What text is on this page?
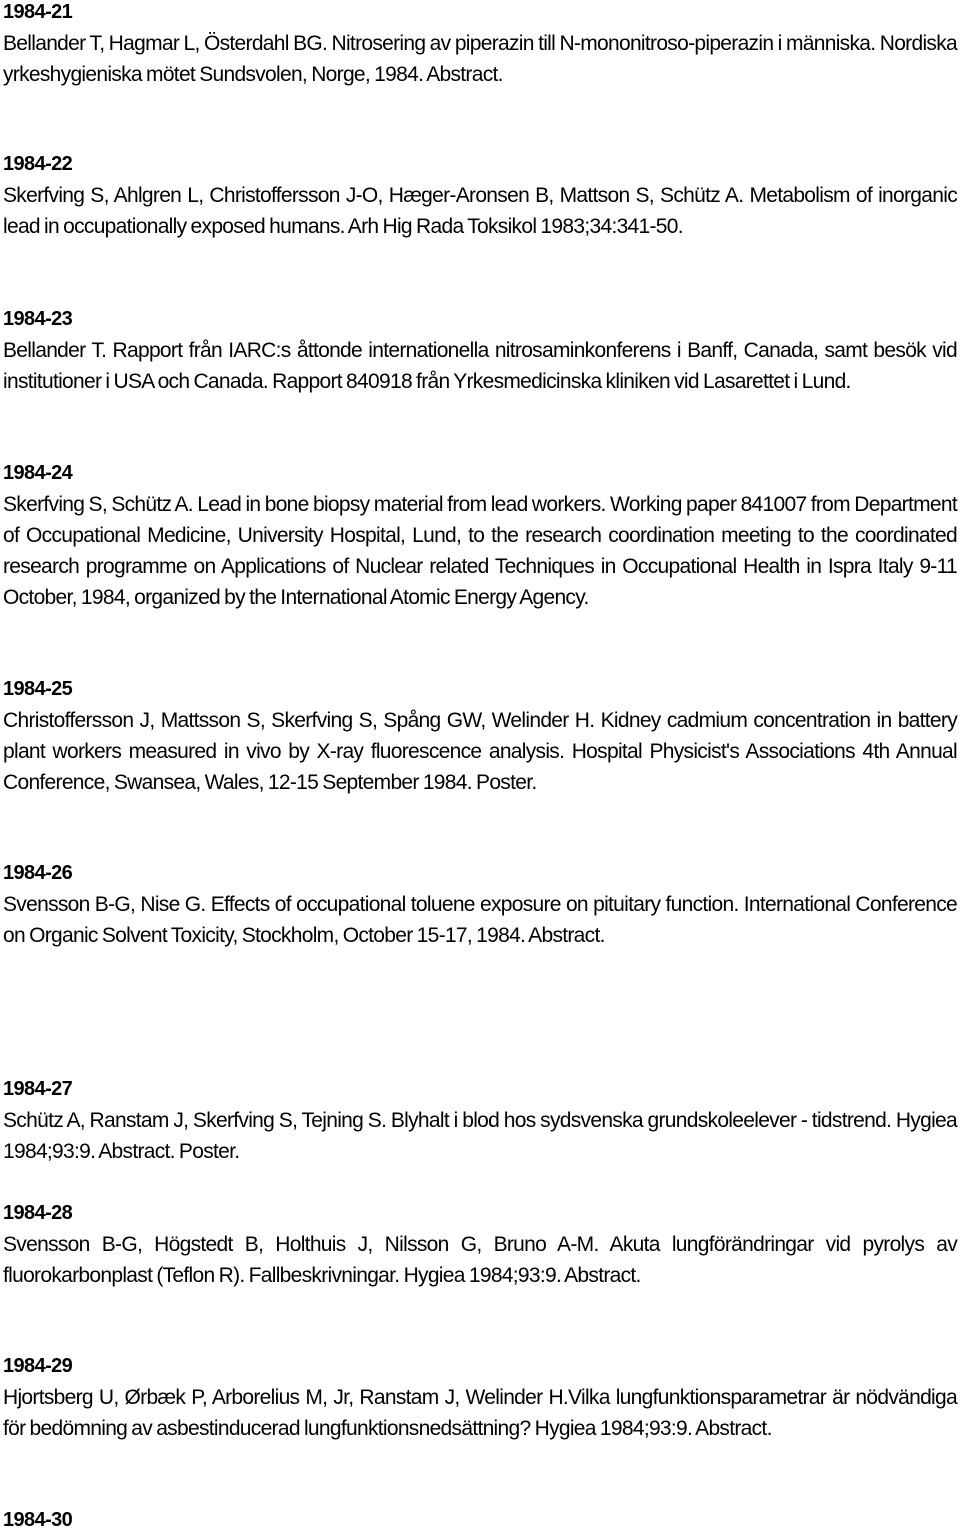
1984-21

Bellander T, Hagmar L, Österdahl BG. Nitrosering av piperazin till N-mononitroso-piperazin i människa. Nordiska yrkeshygieniska mötet Sundsvolen, Norge, 1984. Abstract.

1984-22

Skerfving S, Ahlgren L, Christoffersson J-O, Hæger-Aronsen B, Mattson S, Schütz A. Metabolism of inorganic lead in occupationally exposed humans. Arh Hig Rada Toksikol 1983;34:341-50.

1984-23

Bellander T. Rapport från IARC:s åttonde internationella nitrosaminkonferens i Banff, Canada, samt besök vid institutioner i USA och Canada. Rapport 840918 från Yrkesmedicinska kliniken vid Lasarettet i Lund.

1984-24

Skerfving S, Schütz A. Lead in bone biopsy material from lead workers. Working paper 841007 from Department of Occupational Medicine, University Hospital, Lund, to the research coordination meeting to the coordinated research programme on Applications of Nuclear related Techniques in Occupational Health in Ispra Italy 9-11 October, 1984, organized by the International Atomic Energy Agency.

1984-25

Christoffersson J, Mattsson S, Skerfving S, Spång GW, Welinder H. Kidney cadmium concentration in battery plant workers measured in vivo by X-ray fluorescence analysis. Hospital Physicist's Associations 4th Annual Conference, Swansea, Wales, 12-15 September 1984. Poster.

1984-26

Svensson B-G, Nise G. Effects of occupational toluene exposure on pituitary function. International Conference on Organic Solvent Toxicity, Stockholm, October 15-17, 1984. Abstract.

1984-27

Schütz A, Ranstam J, Skerfving S, Tejning S. Blyhalt i blod hos sydsvenska grundskoleelever - tidstrend. Hygiea 1984;93:9. Abstract. Poster.

1984-28

Svensson B-G, Högstedt B, Holthuis J, Nilsson G, Bruno A-M. Akuta lungförändringar vid pyrolys av fluorokarbonplast (Teflon R). Fallbeskrivningar. Hygiea 1984;93:9. Abstract.

1984-29

Hjortsberg U, Ørbæk P, Arborelius M, Jr, Ranstam J, Welinder H.Vilka lungfunktionsparametrar är nödvändiga för bedömning av asbestinducerad lungfunktionsnedsättning? Hygiea 1984;93:9. Abstract.

1984-30
